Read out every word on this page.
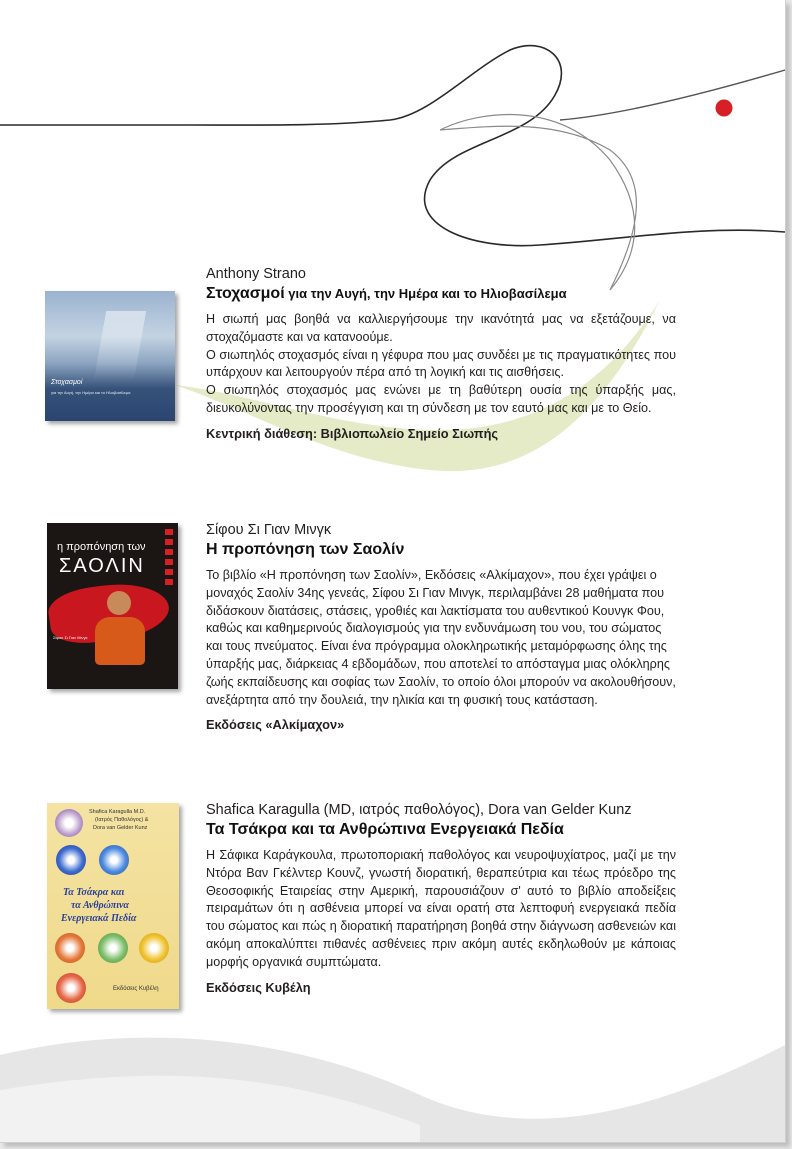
Στοχασμοί
για την Αυγή, την Ημέρα και το Ηλιοβασίλεμα
Anthony Strano
Στοχασμοί για την Αυγή, την Ημέρα και το Ηλιοβασίλεμα

Η σιωπή μας βοηθά να καλλιεργήσουμε την ικανότητά μας να εξετάζουμε, να στοχαζόμαστε και να κατανοούμε.

Ο σιωπηλός στοχασμός είναι η γέφυρα που μας συνδέει με τις πραγματικότητες που υπάρχουν και λειτουργούν πέρα από τη λογική και τις αισθήσεις.

Ο σιωπηλός στοχασμός μας ενώνει με τη βαθύτερη ουσία της ύπαρξής μας, διευκολύνοντας την προσέγγιση και τη σύνδεση με τον εαυτό μας και με το Θείο.

Κεντρική διάθεση: Βιβλιοπωλείο Σημείο Σιωπής
η προπόνηση των
ΣΑΟΛΙΝ
Σίφου Σι Γιαν Μινγκ
Σίφου Σι Γιαν Μινγκ
Η προπόνηση των Σαολίν

Το βιβλίο «Η προπόνηση των Σαολίν», Εκδόσεις «Αλκίμαχον», που έχει γράψει ο μοναχός Σαολίν 34ης γενεάς, Σίφου Σι Γιαν Μινγκ, περιλαμβάνει 28 μαθήματα που διδάσκουν διατάσεις, στάσεις, γροθιές και λακτίσματα του αυθεντικού Κουνγκ Φου, καθώς και καθημερινούς διαλογισμούς για την ενδυνάμωση του νου, του σώματος και τους πνεύματος. Είναι ένα πρόγραμμα ολοκληρωτικής μεταμόρφωσης όλης της ύπαρξής μας, διάρκειας 4 εβδομάδων, που αποτελεί το απόσταγμα μιας ολόκληρης ζωής εκπαίδευσης και σοφίας των Σαολίν, το οποίο όλοι μπορούν να ακολουθήσουν, ανεξάρτητα από την δουλειά, την ηλικία και τη φυσική τους κατάσταση.

Εκδόσεις «Αλκίμαχον»
Shafica Karagulla M.D.
(Ιατρός Παθολόγος) &
Dora van Gelder Kunz
Τα Τσάκρα και
τα Ανθρώπινα
Ενεργειακά Πεδία
Εκδόσεις Κυβέλη
Shafica Karagulla (MD, ιατρός παθολόγος), Dora van Gelder Kunz
Τα Τσάκρα και τα Ανθρώπινα Ενεργειακά Πεδία

Η Σάφικα Καράγκουλα, πρωτοποριακή παθολόγος και νευροψυχίατρος, μαζί με την Ντόρα Βαν Γκέλντερ Κουνζ, γνωστή διορατική, θεραπεύτρια και τέως πρόεδρο της Θεοσοφικής Εταιρείας στην Αμερική, παρουσιάζουν σ' αυτό το βιβλίο αποδείξεις πειραμάτων ότι η ασθένεια μπορεί να είναι ορατή στα λεπτοφυή ενεργειακά πεδία του σώματος και πώς η διορατική παρατήρηση βοηθά στην διάγνωση ασθενειών και ακόμη αποκαλύπτει πιθανές ασθένειες πριν ακόμη αυτές εκδηλωθούν με κάποιας μορφής οργανικά συμπτώματα.

Εκδόσεις Κυβέλη
